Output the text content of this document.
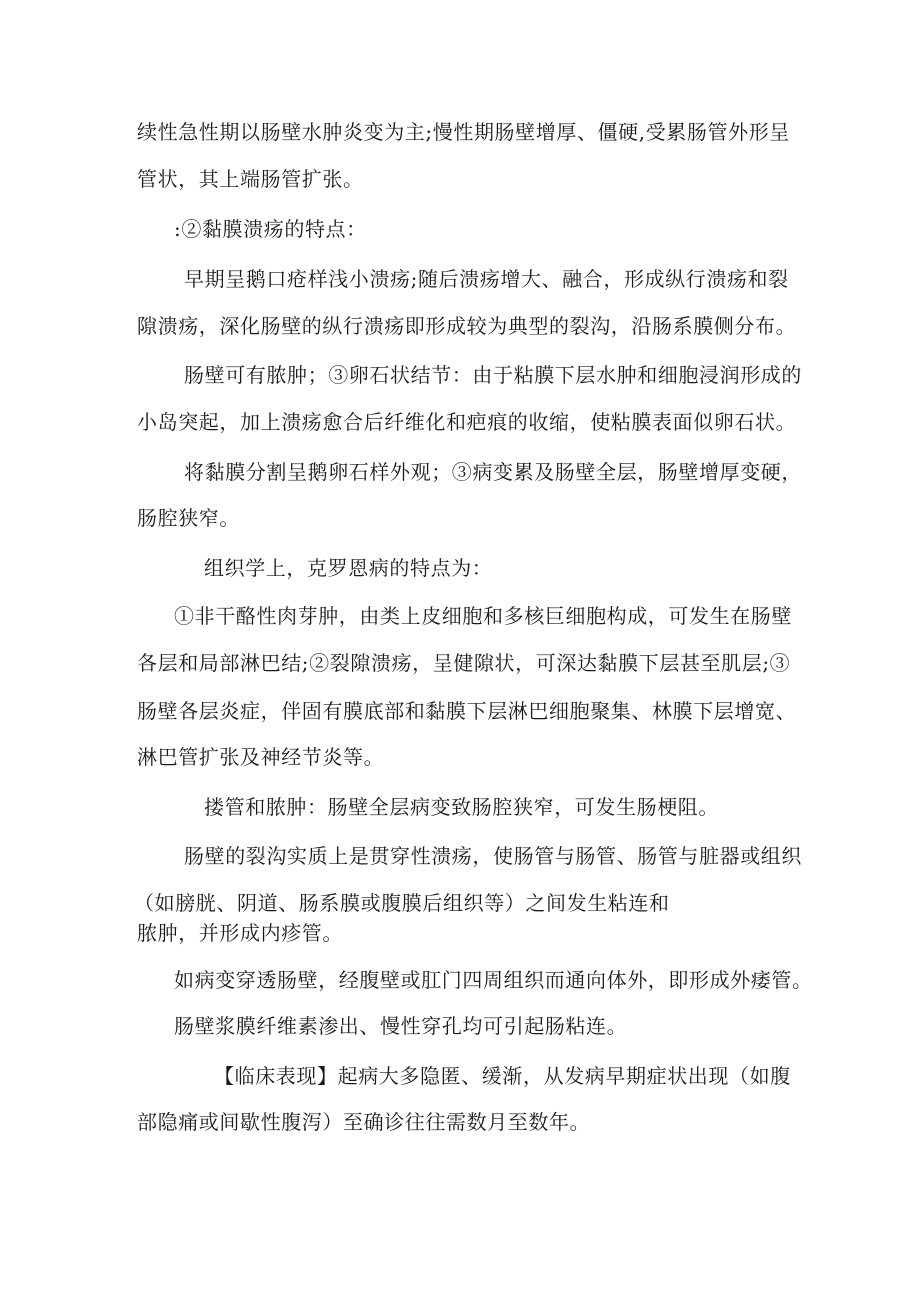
续性急性期以肠壁水肿炎变为主;慢性期肠壁增厚、僵硬,受累肠管外形呈
管状，其上端肠管扩张。
:②黏膜溃疡的特点：
早期呈鹅口疮样浅小溃疡;随后溃疡增大、融合，形成纵行溃疡和裂
隙溃疡，深化肠壁的纵行溃疡即形成较为典型的裂沟，沿肠系膜侧分布。
肠壁可有脓肿；③卵石状结节：由于粘膜下层水肿和细胞浸润形成的
小岛突起，加上溃疡愈合后纤维化和疤痕的收缩，使粘膜表面似卵石状。
将黏膜分割呈鹅卵石样外观；③病变累及肠壁全层，肠壁增厚变硬，
肠腔狭窄。
组织学上，克罗恩病的特点为：
①非干酪性肉芽肿，由类上皮细胞和多核巨细胞构成，可发生在肠壁
各层和局部淋巴结;②裂隙溃疡，呈健隙状，可深达黏膜下层甚至肌层;③
肠壁各层炎症，伴固有膜底部和黏膜下层淋巴细胞聚集、林膜下层增宽、
淋巴管扩张及神经节炎等。
搂管和脓肿：肠壁全层病变致肠腔狭窄，可发生肠梗阻。
肠壁的裂沟实质上是贯穿性溃疡，使肠管与肠管、肠管与脏器或组织
（如膀胱、阴道、肠系膜或腹膜后组织等）之间发生粘连和
脓肿，并形成内疹管。
如病变穿透肠壁，经腹壁或肛门四周组织而通向体外，即形成外痿管。
肠壁浆膜纤维素渗出、慢性穿孔均可引起肠粘连。
【临床表现】起病大多隐匿、缓渐，从发病早期症状出现（如腹
部隐痛或间歇性腹泻）至确诊往往需数月至数年。
